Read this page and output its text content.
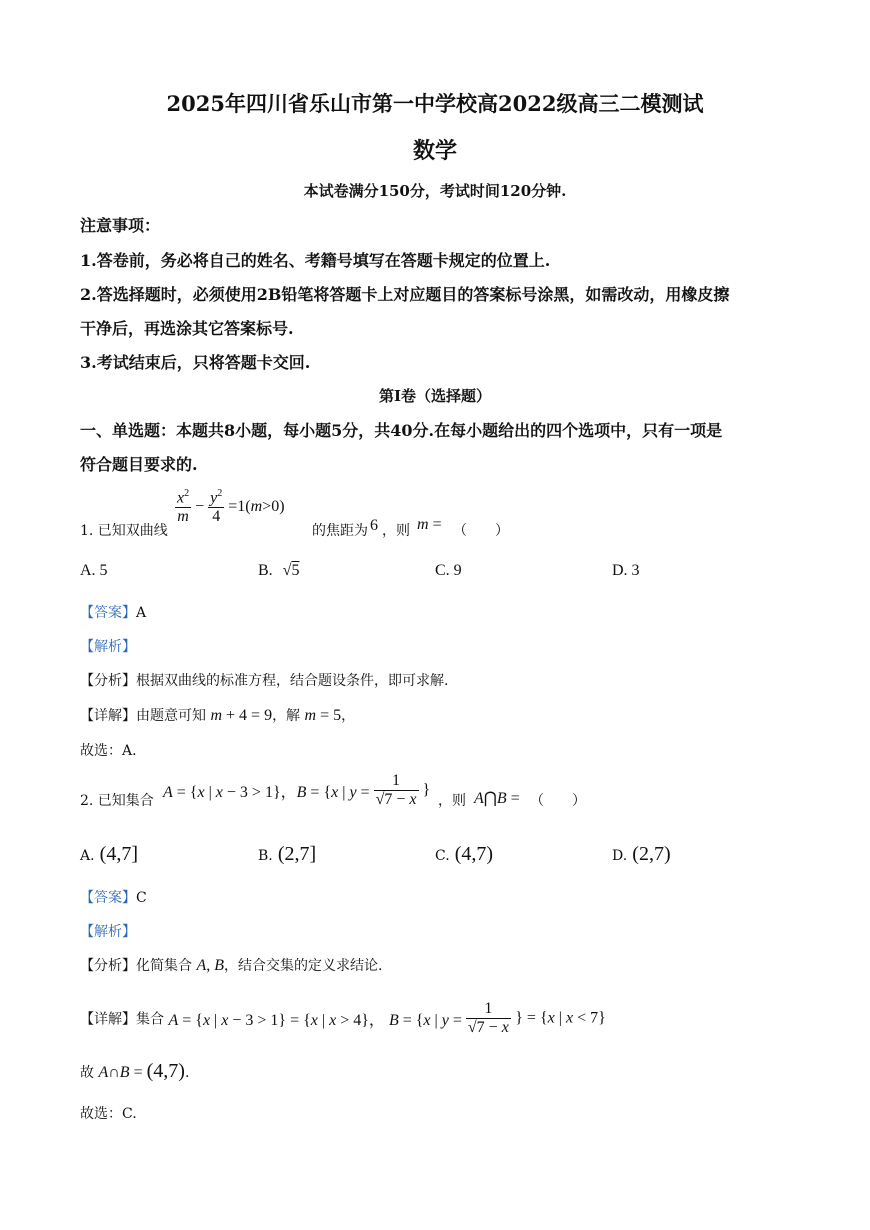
2025年四川省乐山市第一中学校高2022级高三二模测试
数学
本试卷满分150分，考试时间120分钟.
注意事项：
1.答卷前，务必将自己的姓名、考籍号填写在答题卡规定的位置上.
2.答选择题时，必须使用2B铅笔将答题卡上对应题目的答案标号涂黑，如需改动，用橡皮擦
干净后，再选涂其它答案标号.
3.考试结束后，只将答题卡交回.
第I卷（选择题）
一、单选题：本题共8小题，每小题5分，共40分.在每小题给出的四个选项中，只有一项是
符合题目要求的.
1. 已知双曲线
$\frac{x^2}{m} - \frac{y^2}{4} =1(m>0)$
的焦距为 6 ，则 m = （　　）
A. 5	B. √5	C. 9	D. 3
【答案】A
【解析】
【分析】根据双曲线的标准方程，结合题设条件，即可求解.
【详解】由题意可知 m + 4 = 9，解 m = 5，
故选：A.
2. 已知集合 A = {x | x − 3 > 1}，B = {x | $y = \frac{1}{√7 - x}$ }
，则 A⋂B = （　　）
A. (4,7]	B. (2,7]	C. (4,7)	D. (2,7)
【答案】C
【解析】
【分析】化简集合 A, B，结合交集的定义求结论.
【详解】集合 A = {x | x − 3 > 1} = {x | x > 4}， B = {x | $y = \frac{1}{√7 - x}$ } = {x | x < 7}
故 A∩B = (4,7).
故选：C.
